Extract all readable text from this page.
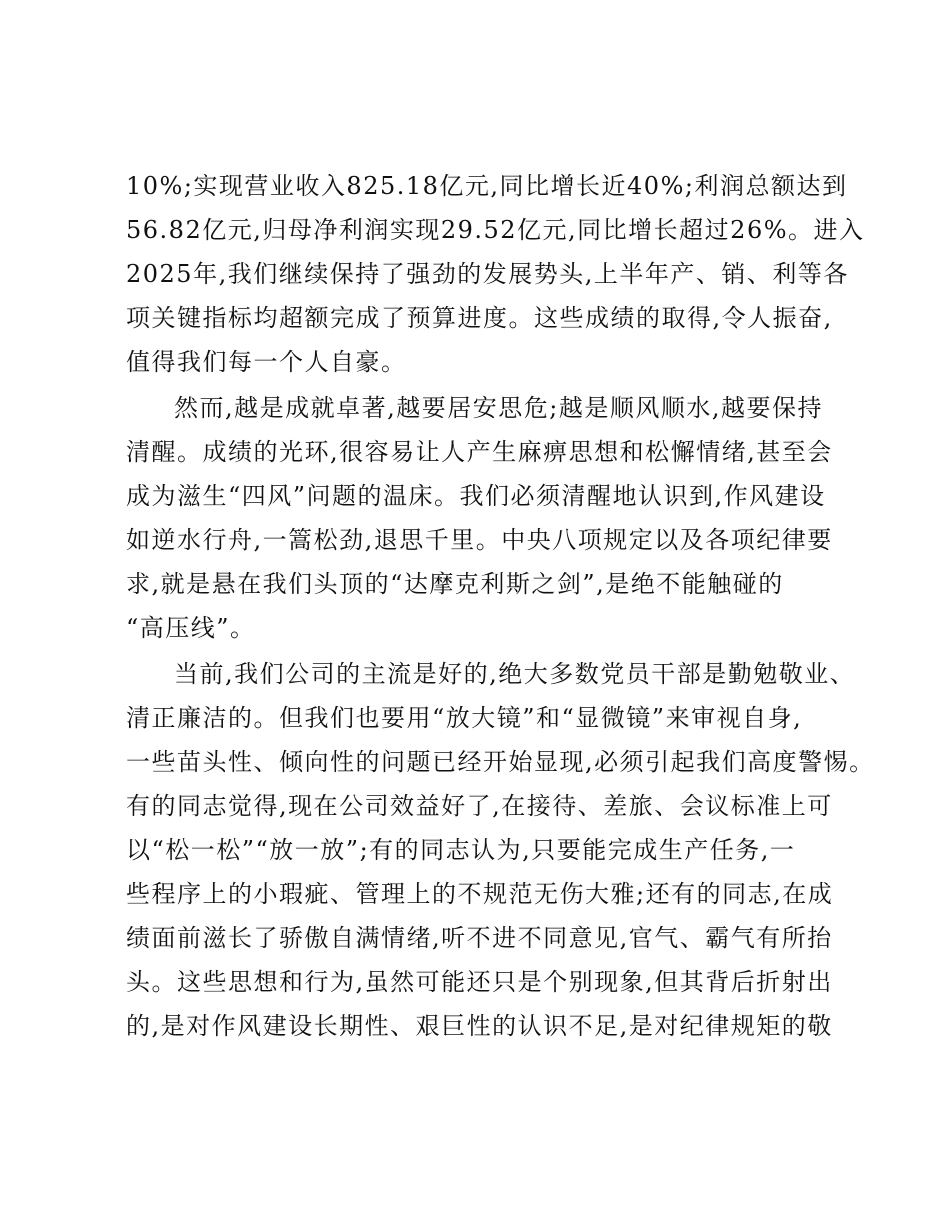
10%;实现营业收入825.18亿元,同比增长近40%;利润总额达到
56.82亿元,归母净利润实现29.52亿元,同比增长超过26%。进入
2025年,我们继续保持了强劲的发展势头,上半年产、销、利等各
项关键指标均超额完成了预算进度。这些成绩的取得,令人振奋,
值得我们每一个人自豪。
然而,越是成就卓著,越要居安思危;越是顺风顺水,越要保持
清醒。成绩的光环,很容易让人产生麻痹思想和松懈情绪,甚至会
成为滋生“四风”问题的温床。我们必须清醒地认识到,作风建设
如逆水行舟,一篙松劲,退思千里。中央八项规定以及各项纪律要
求,就是悬在我们头顶的“达摩克利斯之剑”,是绝不能触碰的
“高压线”。
当前,我们公司的主流是好的,绝大多数党员干部是勤勉敬业、
清正廉洁的。但我们也要用“放大镜”和“显微镜”来审视自身,
一些苗头性、倾向性的问题已经开始显现,必须引起我们高度警惕。
有的同志觉得,现在公司效益好了,在接待、差旅、会议标准上可
以“松一松”“放一放”;有的同志认为,只要能完成生产任务,一
些程序上的小瑕疵、管理上的不规范无伤大雅;还有的同志,在成
绩面前滋长了骄傲自满情绪,听不进不同意见,官气、霸气有所抬
头。这些思想和行为,虽然可能还只是个别现象,但其背后折射出
的,是对作风建设长期性、艰巨性的认识不足,是对纪律规矩的敬
